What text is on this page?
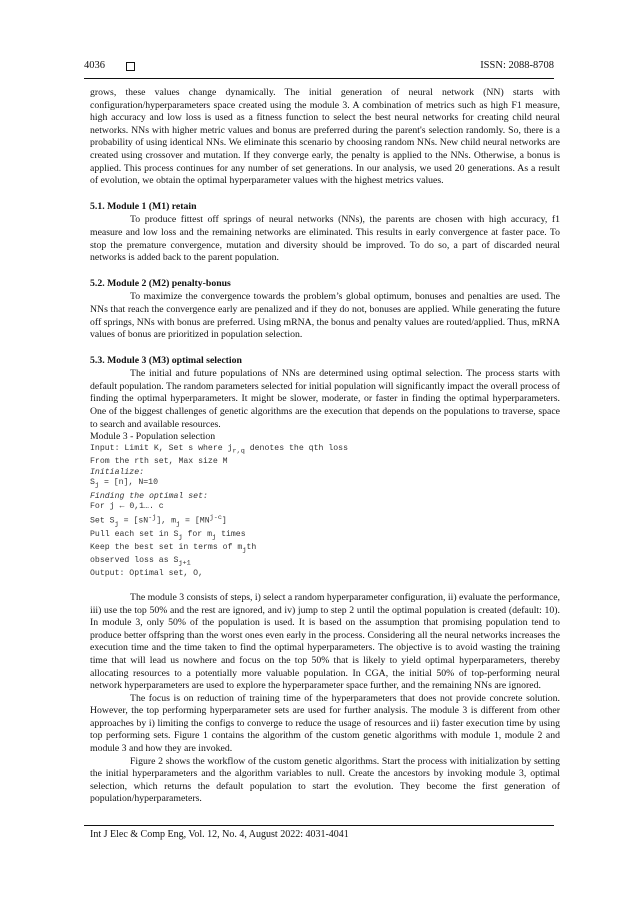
4036	ISSN: 2088-8708

grows, these values change dynamically. The initial generation of neural network (NN) starts with configuration/hyperparameters space created using the module 3. A combination of metrics such as high F1 measure, high accuracy and low loss is used as a fitness function to select the best neural networks for creating child neural networks. NNs with higher metric values and bonus are preferred during the parent's selection randomly. So, there is a probability of using identical NNs. We eliminate this scenario by choosing random NNs. New child neural networks are created using crossover and mutation. If they converge early, the penalty is applied to the NNs. Otherwise, a bonus is applied. This process continues for any number of set generations. In our analysis, we used 20 generations. As a result of evolution, we obtain the optimal hyperparameter values with the highest metrics values.

5.1. Module 1 (M1) retain

To produce fittest off springs of neural networks (NNs), the parents are chosen with high accuracy, f1 measure and low loss and the remaining networks are eliminated. This results in early convergence at faster pace. To stop the premature convergence, mutation and diversity should be improved. To do so, a part of discarded neural networks is added back to the parent population.

5.2. Module 2 (M2) penalty-bonus

To maximize the convergence towards the problem’s global optimum, bonuses and penalties are used. The NNs that reach the convergence early are penalized and if they do not, bonuses are applied. While generating the future off springs, NNs with bonus are preferred. Using mRNA, the bonus and penalty values are routed/applied. Thus, mRNA values of bonus are prioritized in population selection.

5.3. Module 3 (M3) optimal selection

The initial and future populations of NNs are determined using optimal selection. The process starts with default population. The random parameters selected for initial population will significantly impact the overall process of finding the optimal hyperparameters. It might be slower, moderate, or faster in finding the optimal hyperparameters. One of the biggest challenges of genetic algorithms are the execution that depends on the populations to traverse, space to search and available resources.

Module 3 - Population selection

Input: Limit K, Set s where $j_{r,q}$ denotes the qth loss
From the rth set, Max size M
Initialize:
$S_j = [n]$, N=10
Finding the optimal set:
For j ← 0,1…. c
Set $S_j = [sN^{-j}]$, $m_j = [MN^{j-c}]$
Pull each set in $S_j$ for $m_j$ times
Keep the best set in terms of $m_jth$
observed loss as $S_{j+1}$
Output: Optimal set, O,

The module 3 consists of steps, i) select a random hyperparameter configuration, ii) evaluate the performance, iii) use the top 50% and the rest are ignored, and iv) jump to step 2 until the optimal population is created (default: 10). In module 3, only 50% of the population is used. It is based on the assumption that promising population tend to produce better offspring than the worst ones even early in the process. Considering all the neural networks increases the execution time and the time taken to find the optimal hyperparameters. The objective is to avoid wasting the training time that will lead us nowhere and focus on the top 50% that is likely to yield optimal hyperparameters, thereby allocating resources to a potentially more valuable population. In CGA, the initial 50% of top-performing neural network hyperparameters are used to explore the hyperparameter space further, and the remaining NNs are ignored.

The focus is on reduction of training time of the hyperparameters that does not provide concrete solution. However, the top performing hyperparameter sets are used for further analysis. The module 3 is different from other approaches by i) limiting the configs to converge to reduce the usage of resources and ii) faster execution time by using top performing sets. Figure 1 contains the algorithm of the custom genetic algorithms with module 1, module 2 and module 3 and how they are invoked.

Figure 2 shows the workflow of the custom genetic algorithms. Start the process with initialization by setting the initial hyperparameters and the algorithm variables to null. Create the ancestors by invoking module 3, optimal selection, which returns the default population to start the evolution. They become the first generation of population/hyperparameters.

Int J Elec & Comp Eng, Vol. 12, No. 4, August 2022: 4031-4041
